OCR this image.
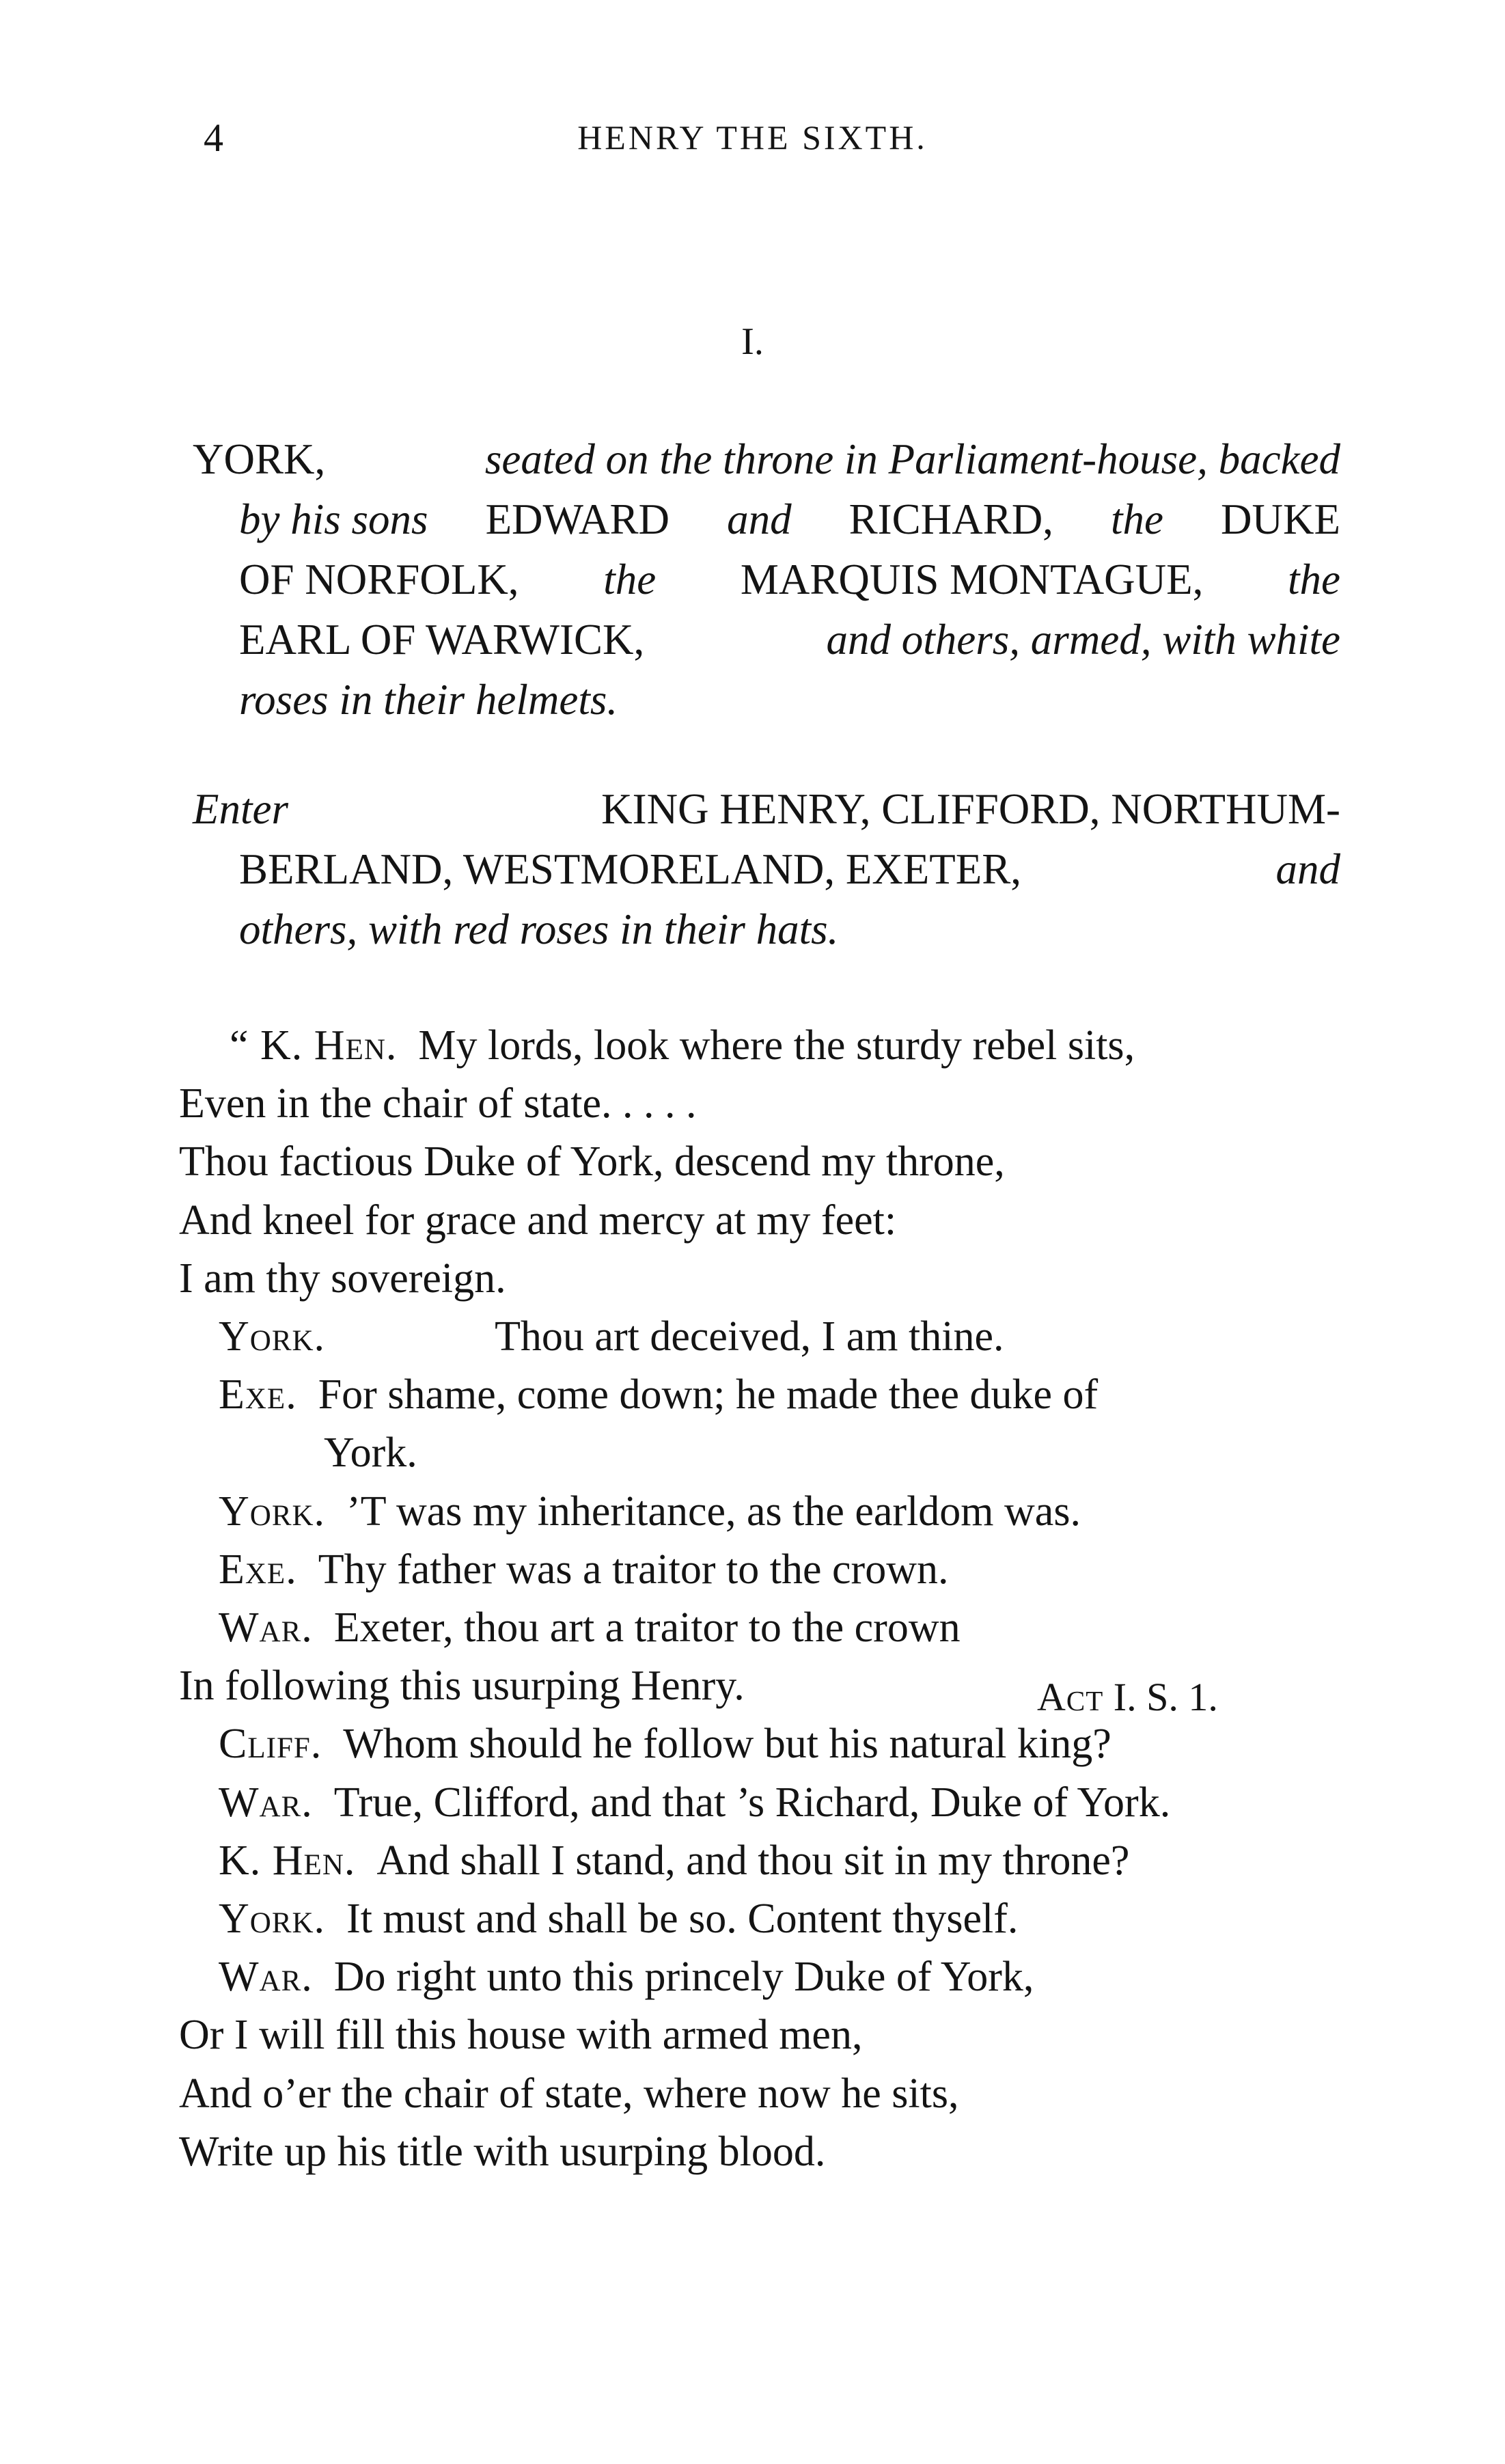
4	HENRY THE SIXTH.
I.
YORK,	seated on the throne in Parliament-house, backed
by his sons EDWARD and RICHARD, the DUKE
OF NORFOLK, the MARQUIS MONTAGUE, the
EARL OF WARWICK,	and others, armed, with white
roses in their helmets.
Enter	KING HENRY, CLIFFORD, NORTHUM-
BERLAND, WESTMORELAND, EXETER,	and
others, with red roses in their hats.
“ K. Hen. My lords, look where the sturdy rebel sits,
Even in the chair of state. . . . .
Thou factious Duke of York, descend my throne,
And kneel for grace and mercy at my feet:
I am thy sovereign.
York.	Thou art deceived, I am thine.
Exe. For shame, come down; he made thee duke of
York.
York. ’T was my inheritance, as the earldom was.
Exe. Thy father was a traitor to the crown.
War. Exeter, thou art a traitor to the crown
In following this usurping Henry.
Cliff. Whom should he follow but his natural king?
War. True, Clifford, and that ’s Richard, Duke of York.
K. Hen. And shall I stand, and thou sit in my throne?
York. It must and shall be so. Content thyself.
War. Do right unto this princely Duke of York,
Or I will fill this house with armed men,
And o’er the chair of state, where now he sits,
Write up his title with usurping blood.
Act I. S. 1.
